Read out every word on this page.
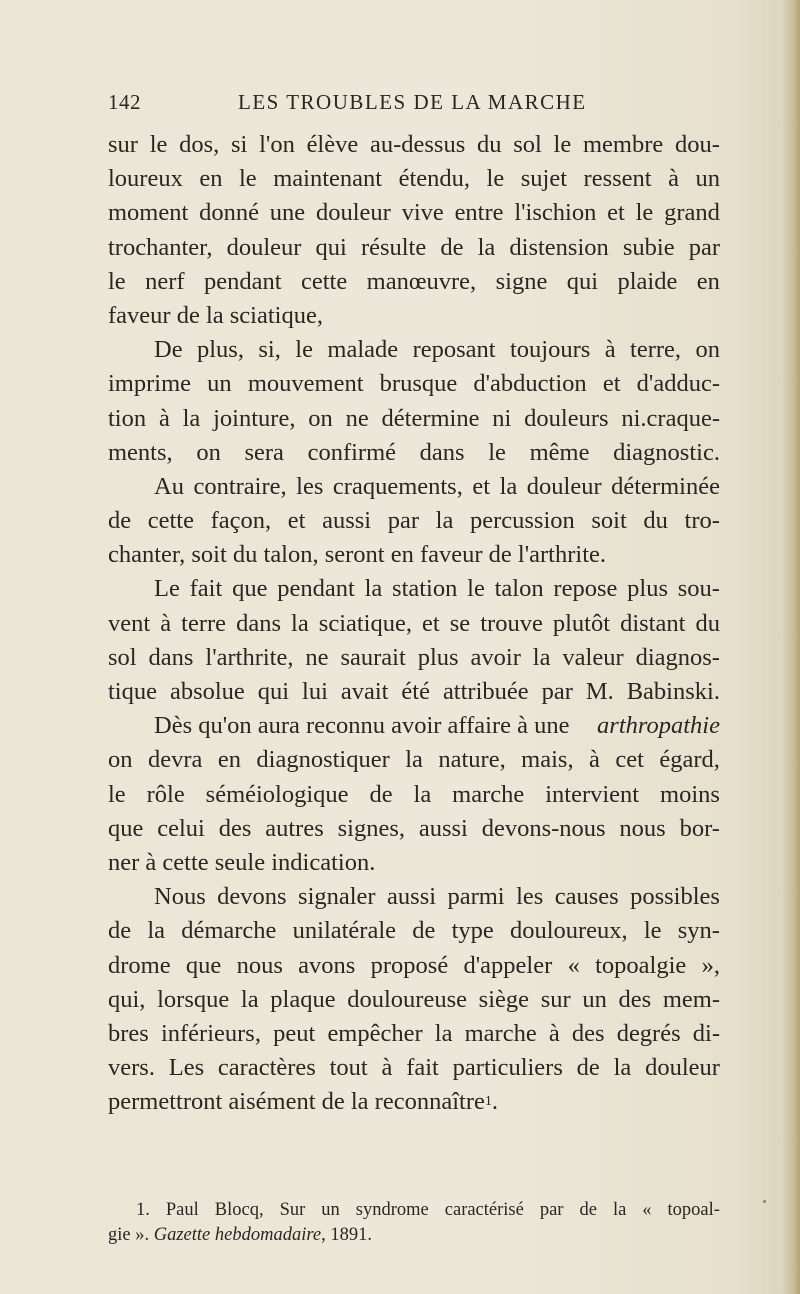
142	LES TROUBLES DE LA MARCHE
sur le dos, si l'on élève au-dessus du sol le membre dou-
loureux en le maintenant étendu, le sujet ressent à un
moment donné une douleur vive entre l'ischion et le grand
trochanter, douleur qui résulte de la distension subie par
le nerf pendant cette manœuvre, signe qui plaide en
faveur de la sciatique,
De plus, si, le malade reposant toujours à terre, on
imprime un mouvement brusque d'abduction et d'adduc-
tion à la jointure, on ne détermine ni douleurs ni.craque-
ments, on sera confirmé dans le même diagnostic.
Au contraire, les craquements, et la douleur déterminée
de cette façon, et aussi par la percussion soit du tro-
chanter, soit du talon, seront en faveur de l'arthrite.
Le fait que pendant la station le talon repose plus sou-
vent à terre dans la sciatique, et se trouve plutôt distant du
sol dans l'arthrite, ne saurait plus avoir la valeur diagnos-
tique absolue qui lui avait été attribuée par M. Babinski.
Dès qu'on aura reconnu avoir affaire à une arthropathie
on devra en diagnostiquer la nature, mais, à cet égard,
le rôle séméiologique de la marche intervient moins
que celui des autres signes, aussi devons-nous nous bor-
ner à cette seule indication.
Nous devons signaler aussi parmi les causes possibles
de la démarche unilatérale de type douloureux, le syn-
drome que nous avons proposé d'appeler « topoalgie »,
qui, lorsque la plaque douloureuse siège sur un des mem-
bres inférieurs, peut empêcher la marche à des degrés di-
vers. Les caractères tout à fait particuliers de la douleur
permettront aisément de la reconnaître 1 .
1. Paul Blocq, Sur un syndrome caractérisé par de la « topoal-
gie ». Gazette hebdomadaire , 1891.
